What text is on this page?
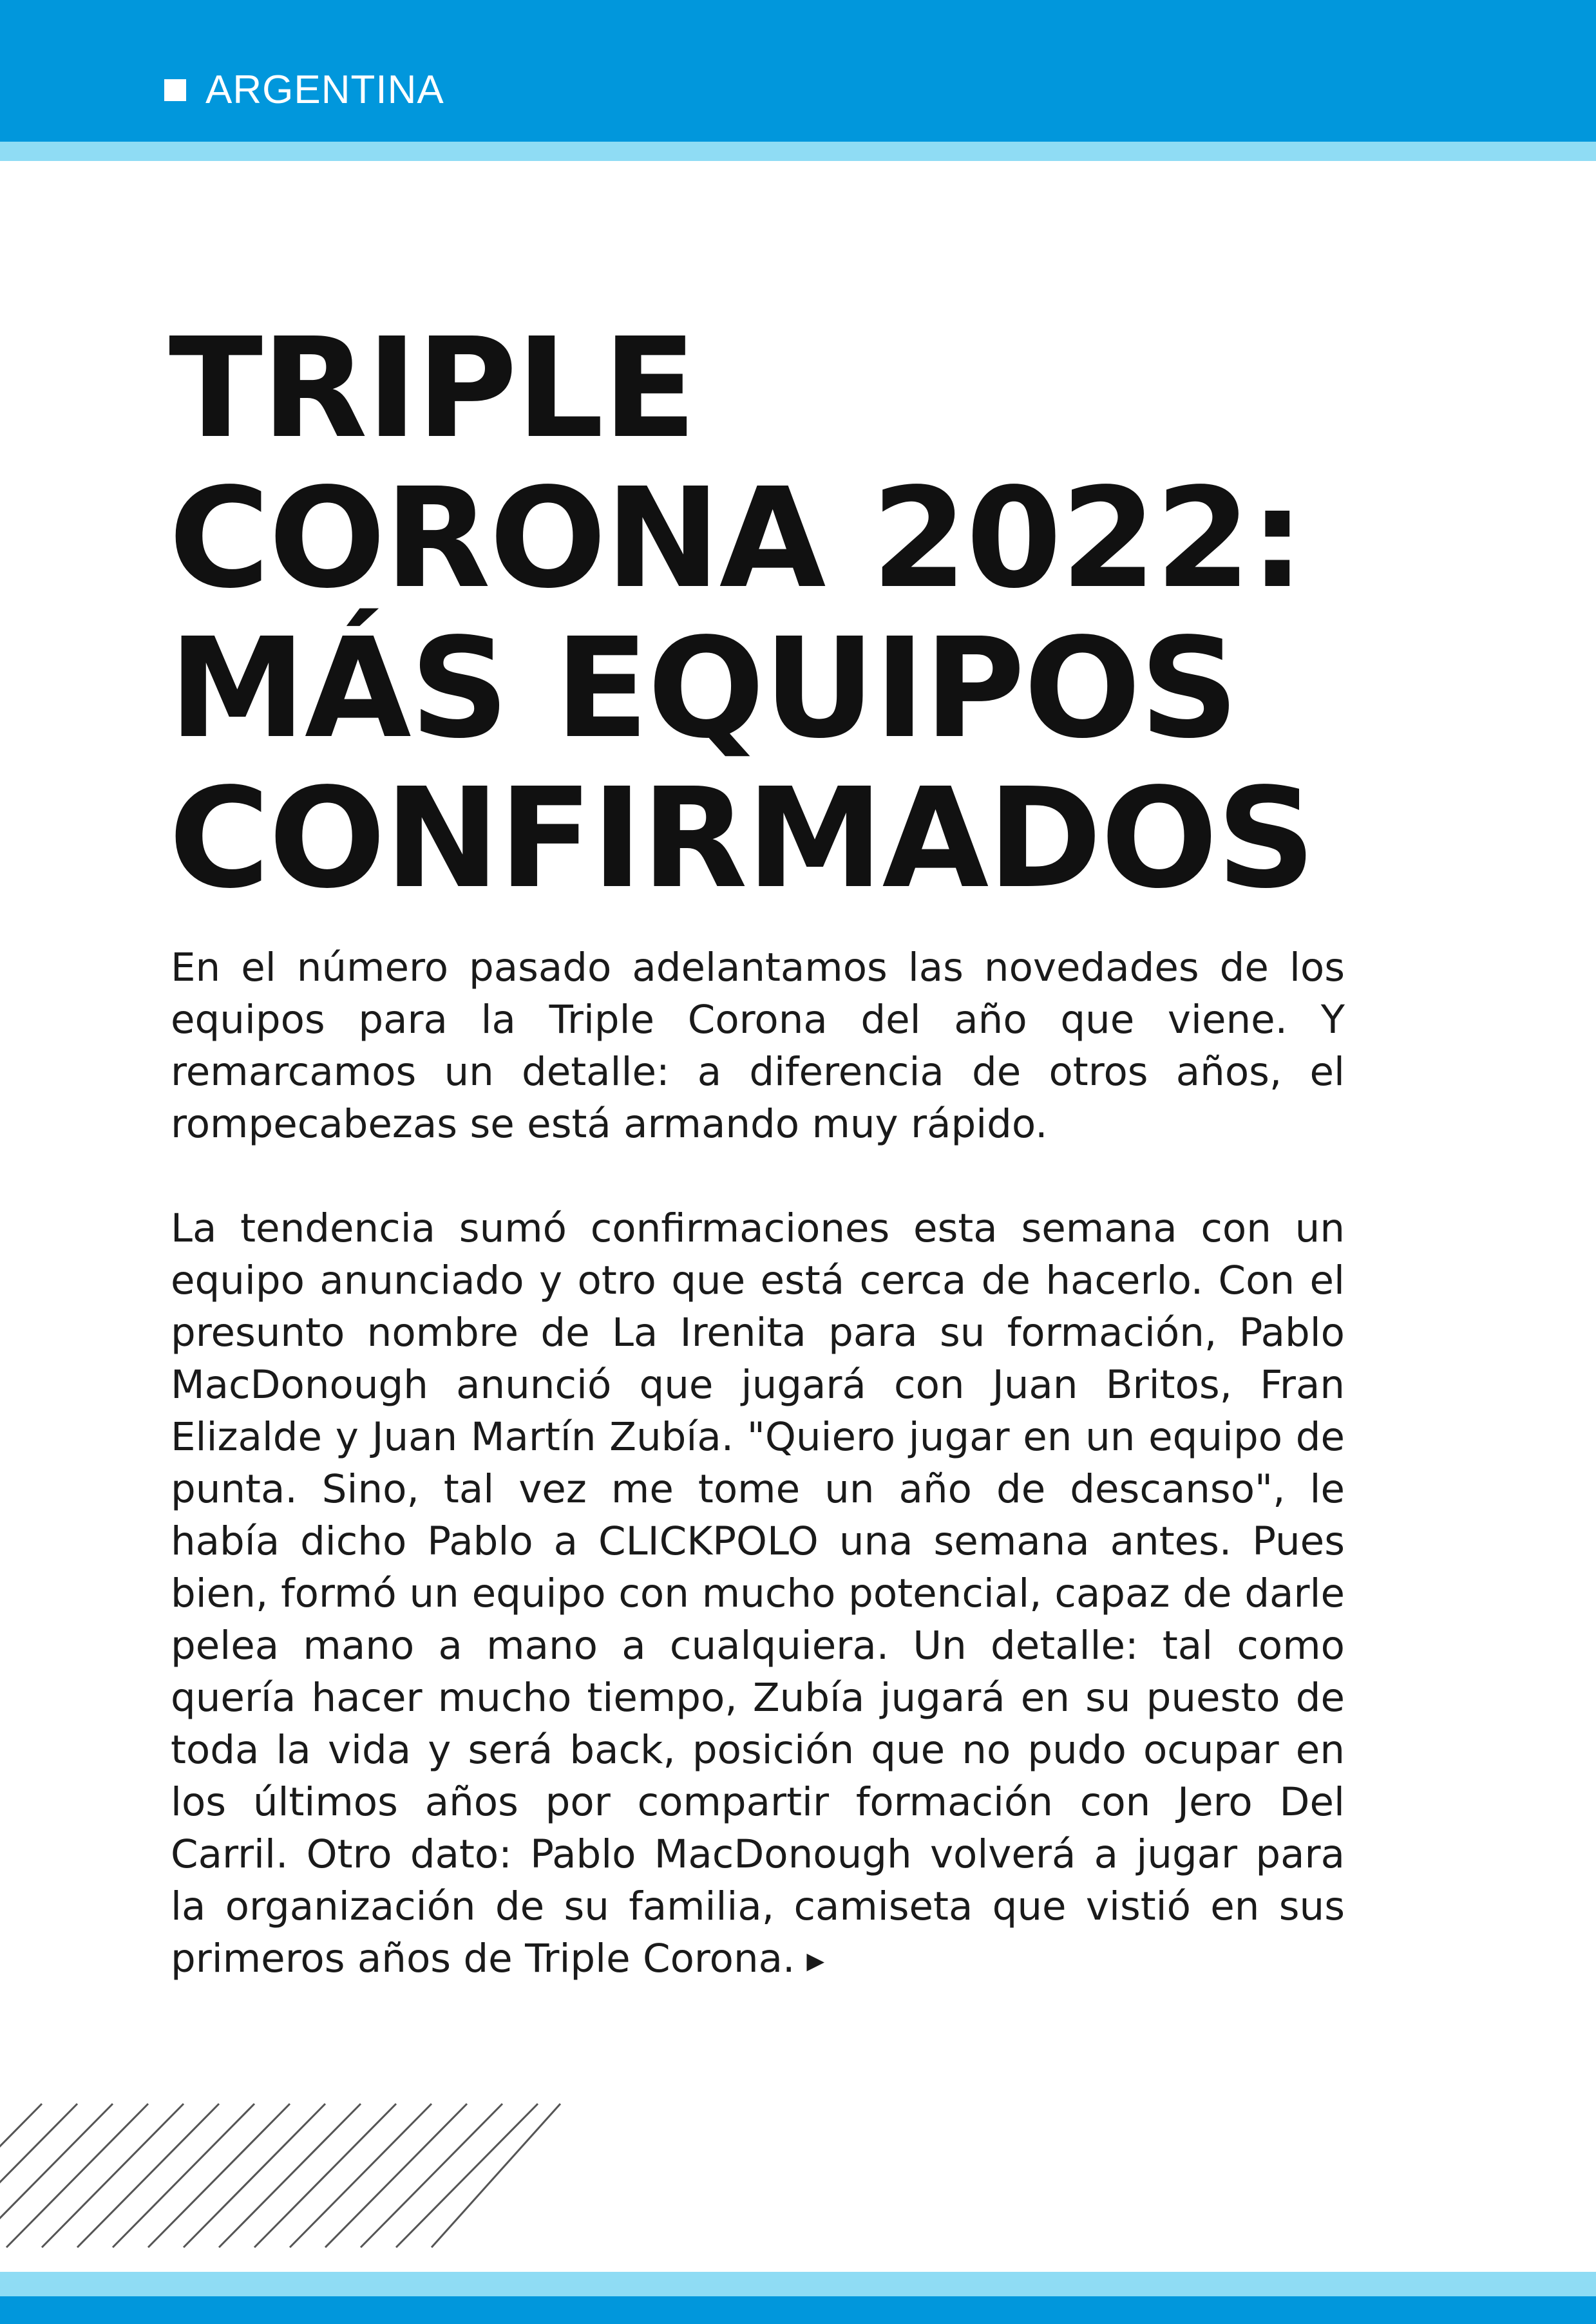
ARGENTINA
TRIPLE
CORONA 2022:
MÁS EQUIPOS
CONFIRMADOS

En el número pasado adelantamos las novedades de los equipos para la Triple Corona del año que viene. Y remarcamos un detalle: a diferencia de otros años, el rompecabezas se está armando muy rápido.

La tendencia sumó confirmaciones esta semana con un equipo anunciado y otro que está cerca de hacerlo. Con el presunto nombre de La Irenita para su formación, Pablo MacDonough anunció que jugará con Juan Britos, Fran Elizalde y Juan Martín Zubía. "Quiero jugar en un equipo de punta. Sino, tal vez me tome un año de descanso", le había dicho Pablo a CLICKPOLO una semana antes. Pues bien, formó un equipo con mucho potencial, capaz de darle pelea mano a mano a cualquiera. Un detalle: tal como quería hacer mucho tiempo, Zubía jugará en su puesto de toda la vida y será back, posición que no pudo ocupar en los últimos años por compartir formación con Jero Del Carril. Otro dato: Pablo MacDonough volverá a jugar para la organización de su familia, camiseta que vistió en sus primeros años de Triple Corona. ▶
